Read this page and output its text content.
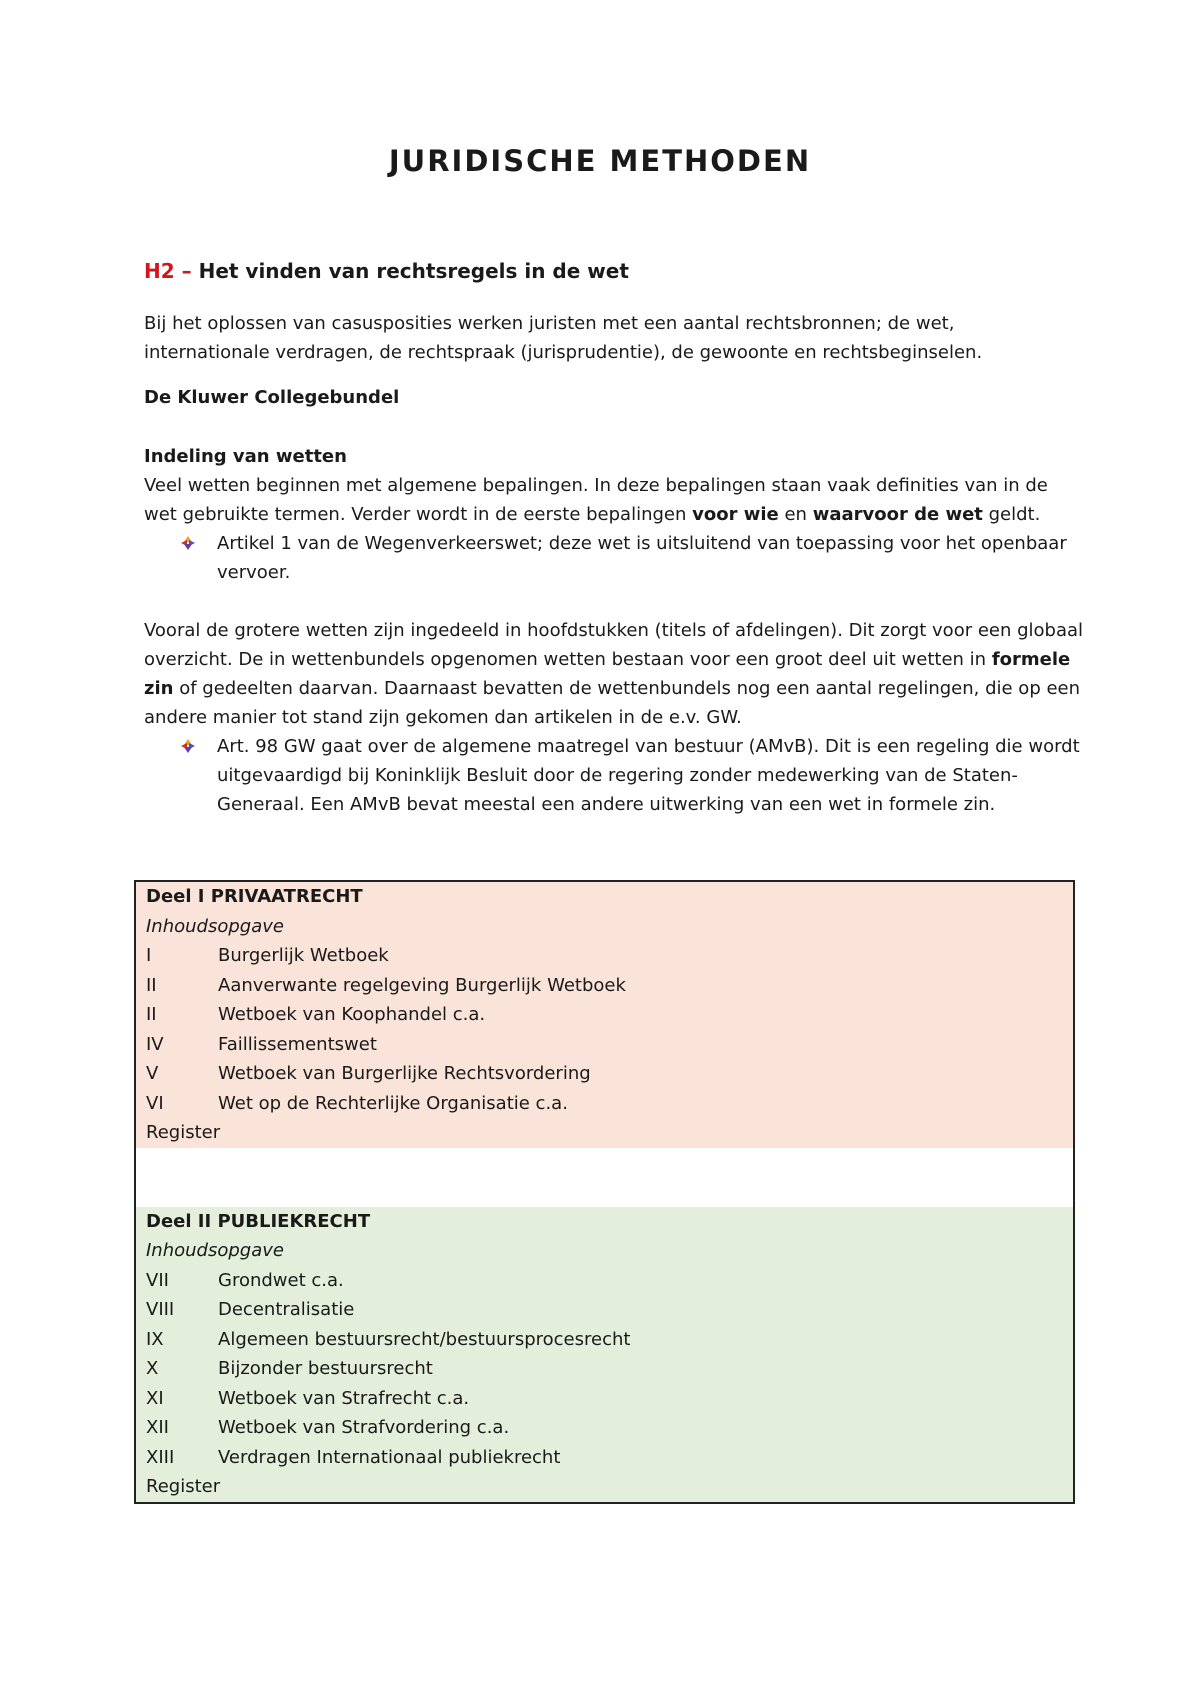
JURIDISCHE METHODEN
H2 – Het vinden van rechtsregels in de wet

Bij het oplossen van casusposities werken juristen met een aantal rechtsbronnen; de wet, internationale verdragen, de rechtspraak (jurisprudentie), de gewoonte en rechtsbeginselen.

De Kluwer Collegebundel

Indeling van wetten

Veel wetten beginnen met algemene bepalingen. In deze bepalingen staan vaak definities van in de wet gebruikte termen. Verder wordt in de eerste bepalingen voor wie en waarvoor de wet geldt.

Artikel 1 van de Wegenverkeerswet; deze wet is uitsluitend van toepassing voor het openbaar vervoer.

Vooral de grotere wetten zijn ingedeeld in hoofdstukken (titels of afdelingen). Dit zorgt voor een globaal overzicht. De in wettenbundels opgenomen wetten bestaan voor een groot deel uit wetten in formele zin of gedeelten daarvan. Daarnaast bevatten de wettenbundels nog een aantal regelingen, die op een andere manier tot stand zijn gekomen dan artikelen in de e.v. GW.

Art. 98 GW gaat over de algemene maatregel van bestuur (AMvB). Dit is een regeling die wordt uitgevaardigd bij Koninklijk Besluit door de regering zonder medewerking van de Staten-Generaal. Een AMvB bevat meestal een andere uitwerking van een wet in formele zin.
Deel I PRIVAATRECHT	
Inhoudsopgave	
I	Burgerlijk Wetboek
II	Aanverwante regelgeving Burgerlijk Wetboek
II	Wetboek van Koophandel c.a.
IV	Faillissementswet
V	Wetboek van Burgerlijke Rechtsvordering
VI	Wet op de Rechterlijke Organisatie c.a.
Register	

Deel II PUBLIEKRECHT	
Inhoudsopgave	
VII	Grondwet c.a.
VIII	Decentralisatie
IX	Algemeen bestuursrecht/bestuursprocesrecht
X	Bijzonder bestuursrecht
XI	Wetboek van Strafrecht c.a.
XII	Wetboek van Strafvordering c.a.
XIII	Verdragen Internationaal publiekrecht
Register	
